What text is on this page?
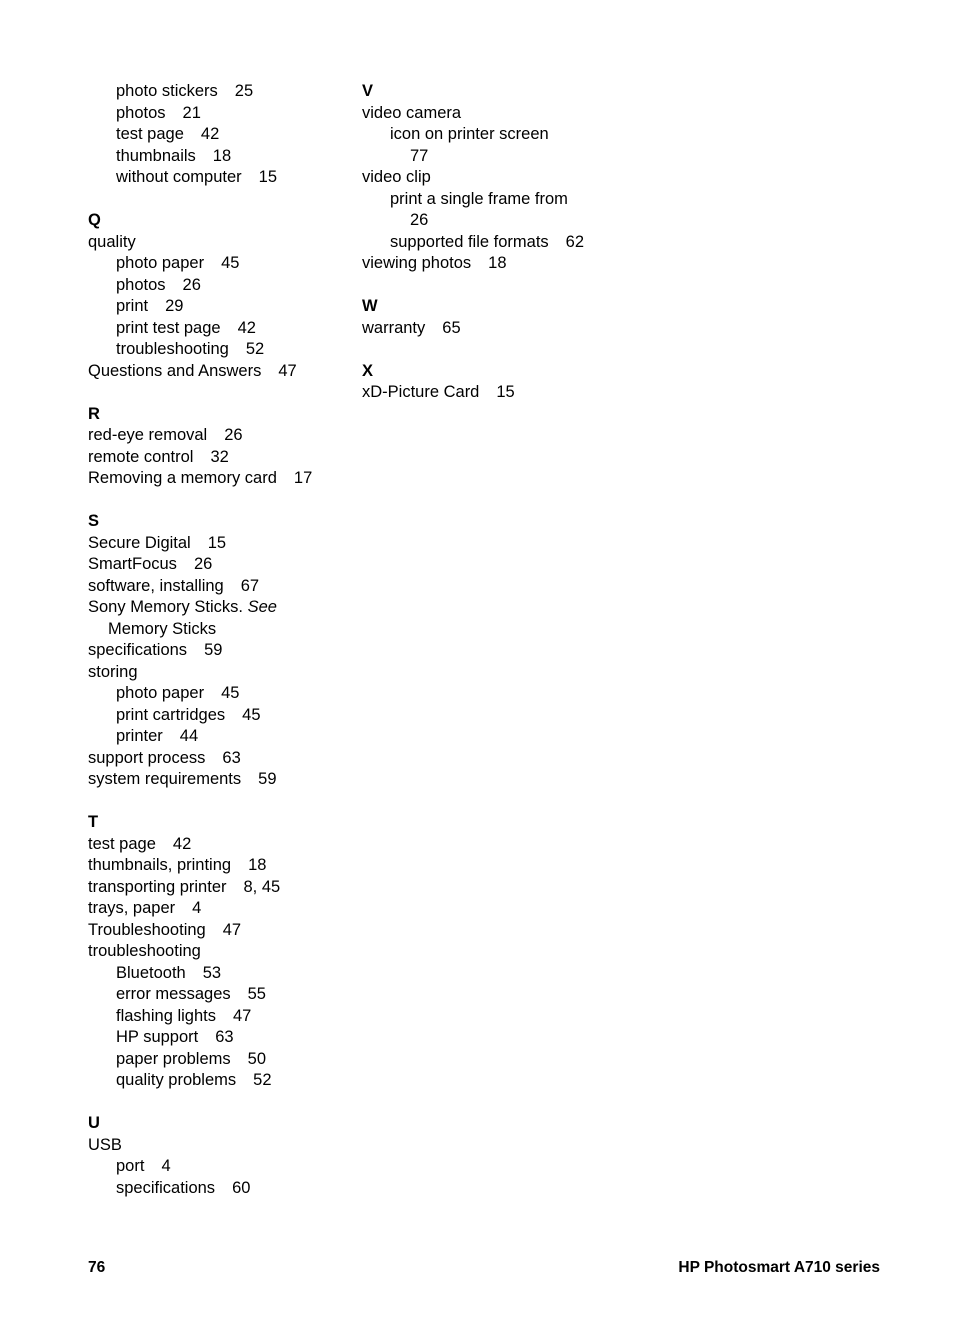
photo stickers 25
photos 21
test page 42
thumbnails 18
without computer 15
Q
quality
photo paper 45
photos 26
print 29
print test page 42
troubleshooting 52
Questions and Answers 47
R
red-eye removal 26
remote control 32
Removing a memory card 17
S
Secure Digital 15
SmartFocus 26
software, installing 67
Sony Memory Sticks. See
Memory Sticks
specifications 59
storing
photo paper 45
print cartridges 45
printer 44
support process 63
system requirements 59
T
test page 42
thumbnails, printing 18
transporting printer 8, 45
trays, paper 4
Troubleshooting 47
troubleshooting
Bluetooth 53
error messages 55
flashing lights 47
HP support 63
paper problems 50
quality problems 52
U
USB
port 4
specifications 60
V
video camera
icon on printer screen
77
video clip
print a single frame from
26
supported file formats 62
viewing photos 18
W
warranty 65
X
xD-Picture Card 15
76	HP Photosmart A710 series
